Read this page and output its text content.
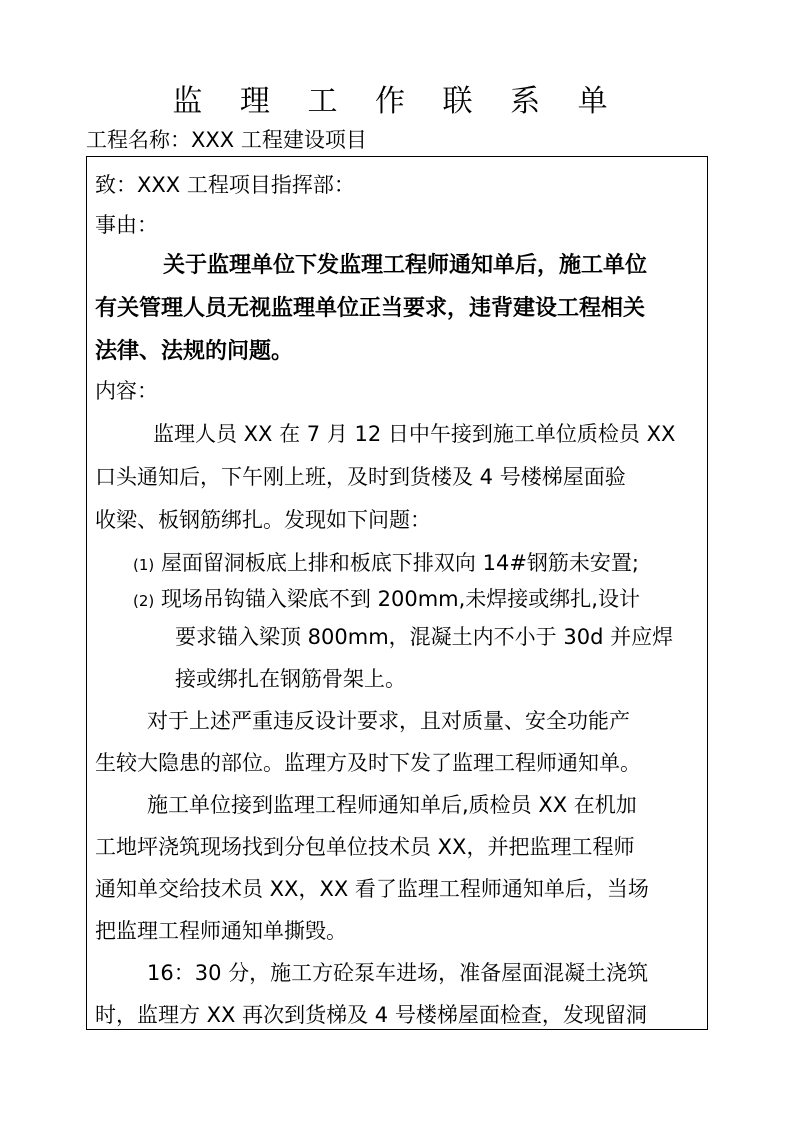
监 理 工 作 联 系 单
工程名称：XXX 工程建设项目
致：XXX 工程项目指挥部：
事由：
关于监理单位下发监理工程师通知单后，施工单位
有关管理人员无视监理单位正当要求，违背建设工程相关
法律、法规的问题。
内容：
监理人员 XX 在 7 月 12 日中午接到施工单位质检员 XX
口头通知后，下午刚上班，及时到货楼及 4 号楼梯屋面验
收梁、板钢筋绑扎。发现如下问题：
(1) 屋面留洞板底上排和板底下排双向 14#钢筋未安置;
(2) 现场吊钩锚入梁底不到 200mm,未焊接或绑扎,设计
要求锚入梁顶 800mm，混凝土内不小于 30d 并应焊
接或绑扎在钢筋骨架上。
对于上述严重违反设计要求，且对质量、安全功能产
生较大隐患的部位。监理方及时下发了监理工程师通知单。
施工单位接到监理工程师通知单后,质检员 XX 在机加
工地坪浇筑现场找到分包单位技术员 XX，并把监理工程师
通知单交给技术员 XX，XX 看了监理工程师通知单后，当场
把监理工程师通知单撕毁。
16：30 分，施工方砼泵车进场，准备屋面混凝土浇筑
时，监理方 XX 再次到货梯及 4 号楼梯屋面检查，发现留洞
